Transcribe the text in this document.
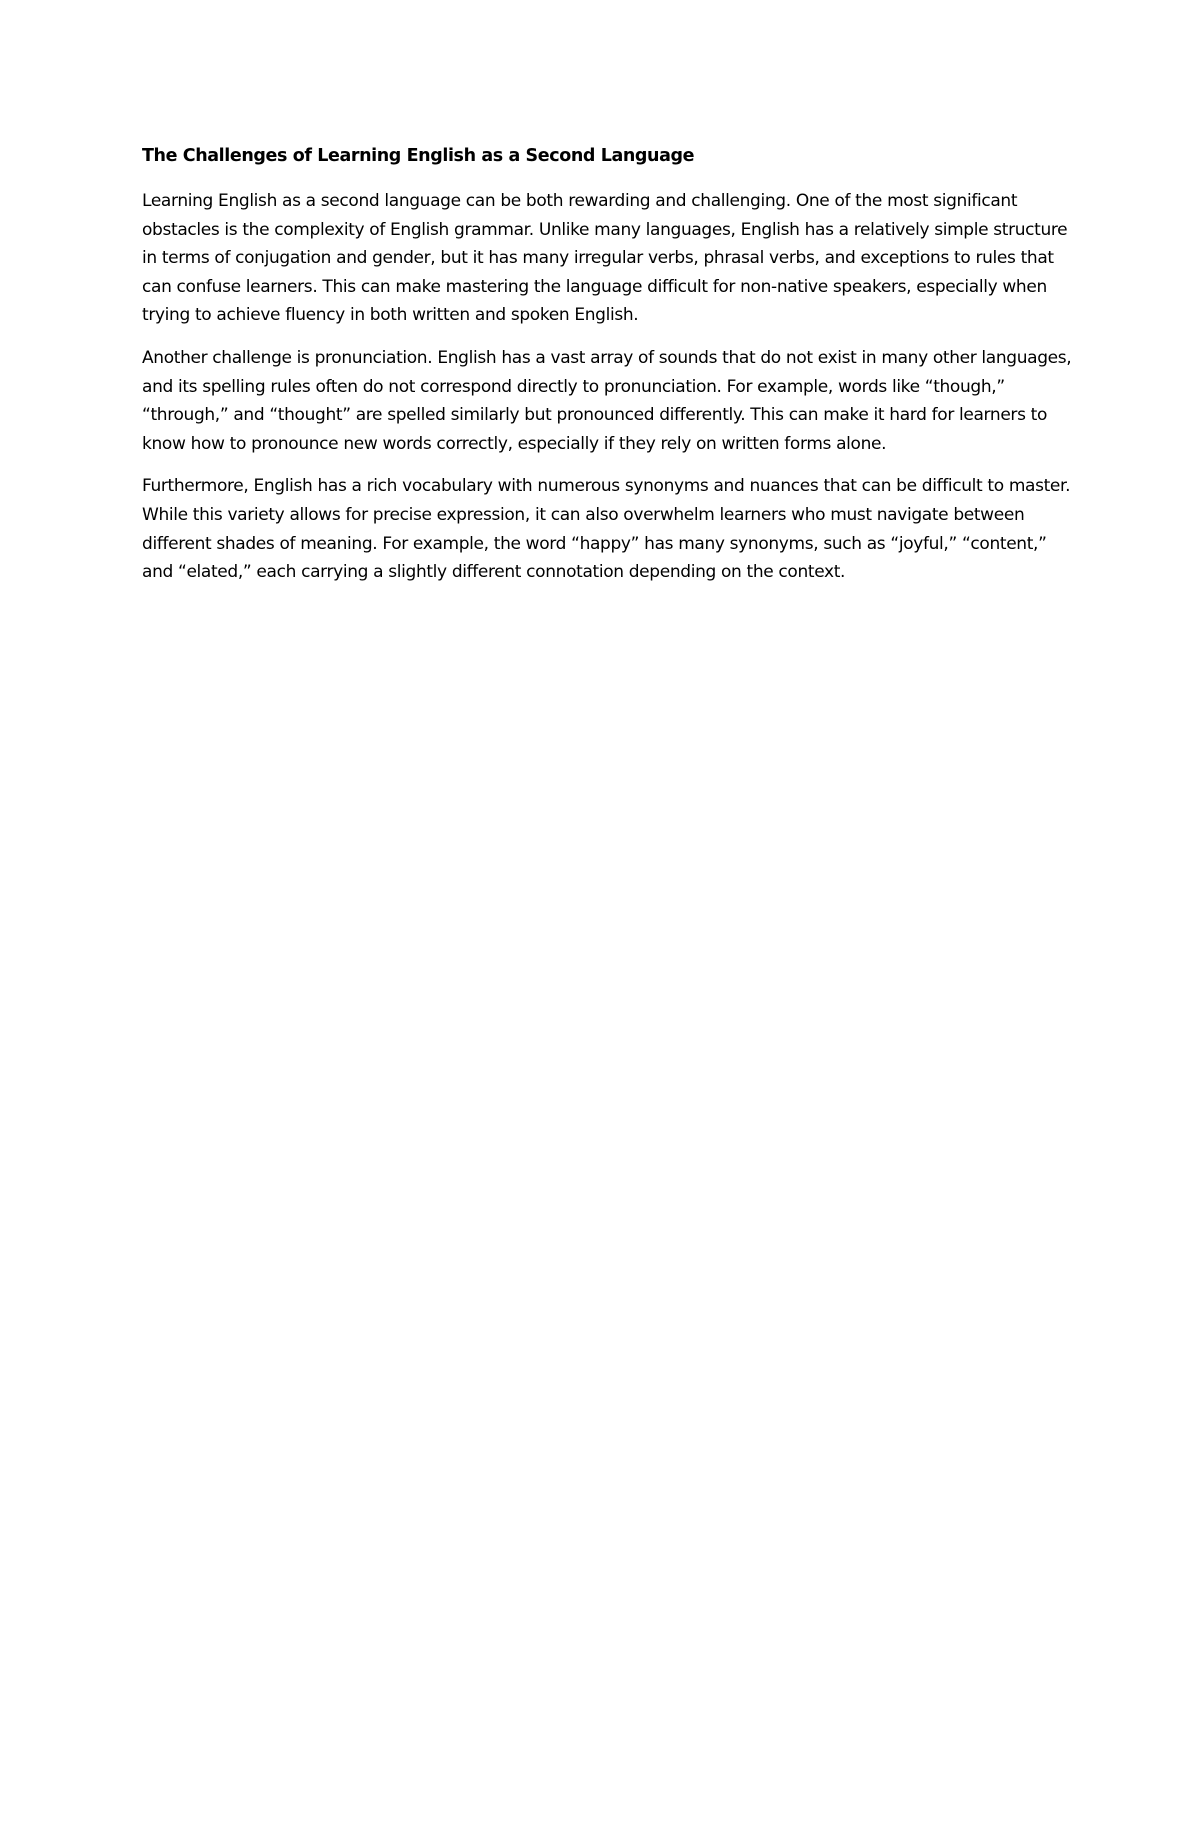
The Challenges of Learning English as a Second Language

Learning English as a second language can be both rewarding and challenging. One of the most significant obstacles is the complexity of English grammar. Unlike many languages, English has a relatively simple structure in terms of conjugation and gender, but it has many irregular verbs, phrasal verbs, and exceptions to rules that can confuse learners. This can make mastering the language difficult for non-native speakers, especially when trying to achieve fluency in both written and spoken English.

Another challenge is pronunciation. English has a vast array of sounds that do not exist in many other languages, and its spelling rules often do not correspond directly to pronunciation. For example, words like “though,” “through,” and “thought” are spelled similarly but pronounced differently. This can make it hard for learners to know how to pronounce new words correctly, especially if they rely on written forms alone.

Furthermore, English has a rich vocabulary with numerous synonyms and nuances that can be difficult to master. While this variety allows for precise expression, it can also overwhelm learners who must navigate between different shades of meaning. For example, the word “happy” has many synonyms, such as “joyful,” “content,” and “elated,” each carrying a slightly different connotation depending on the context.
